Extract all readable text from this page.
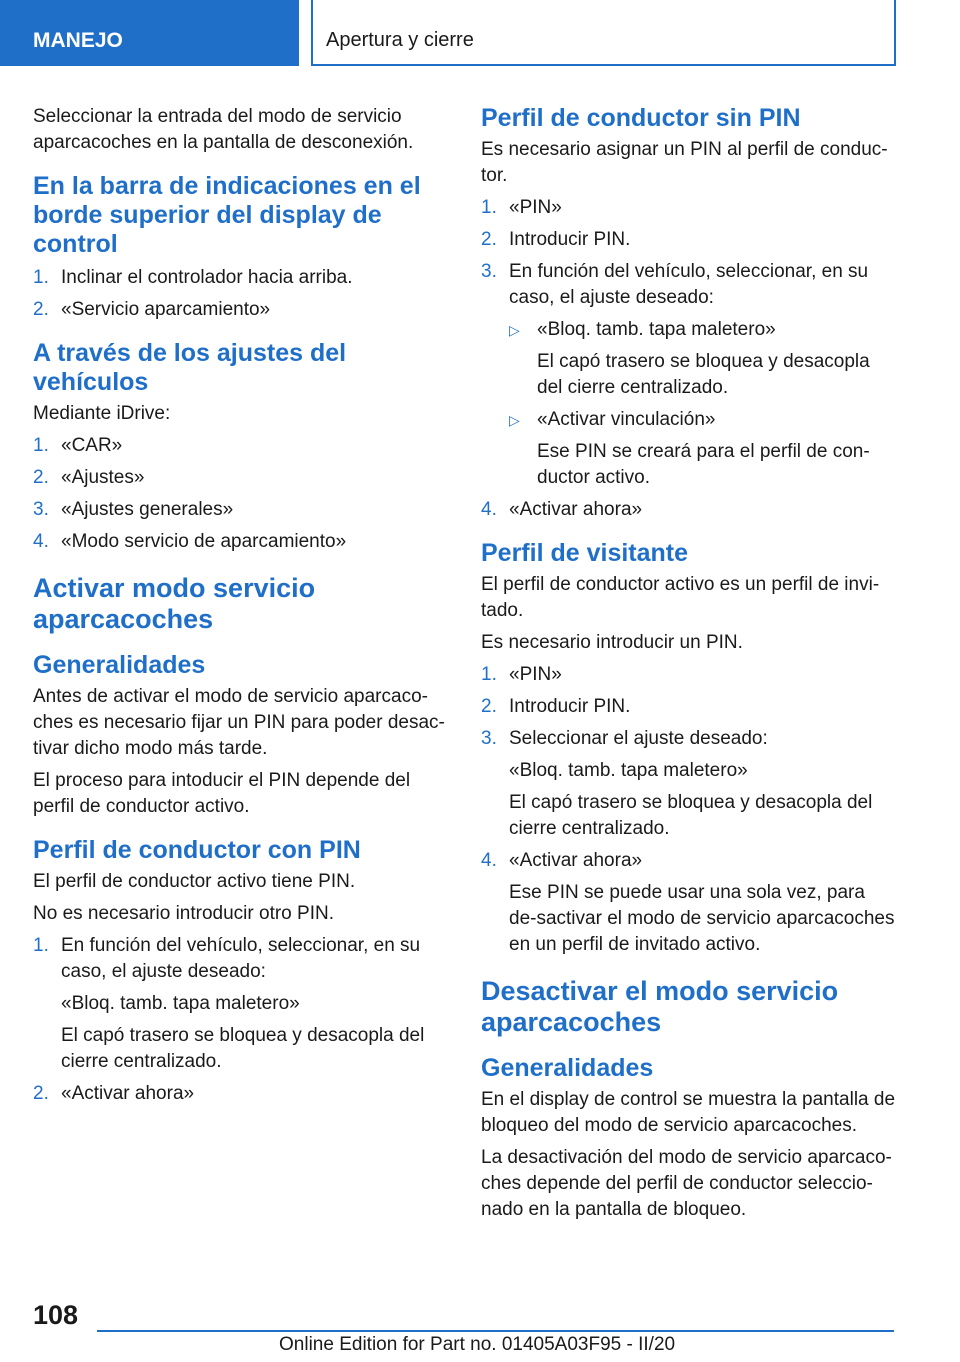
MANEJO	Apertura y cierre

Seleccionar la entrada del modo de servicio aparcacoches en la pantalla de desconexión.

En la barra de indicaciones en el borde superior del display de control
1. Inclinar el controlador hacia arriba.
2. «Servicio aparcamiento»
A través de los ajustes del vehículos

Mediante iDrive:

1. «CAR»
2. «Ajustes»
3. «Ajustes generales»
4. «Modo servicio de aparcamiento»
Activar modo servicio aparcacoches
Generalidades

Antes de activar el modo de servicio aparcaco-ches es necesario fijar un PIN para poder desac-tivar dicho modo más tarde.

El proceso para intoducir el PIN depende del perfil de conductor activo.

Perfil de conductor con PIN

El perfil de conductor activo tiene PIN.

No es necesario introducir otro PIN.

1. En función del vehículo, seleccionar, en su caso, el ajuste deseado:
«Bloq. tamb. tapa maletero»
El capó trasero se bloquea y desacopla del cierre centralizado.
2. «Activar ahora»
Perfil de conductor sin PIN

Es necesario asignar un PIN al perfil de conduc-tor.

1. «PIN»
2. Introducir PIN.
3. En función del vehículo, seleccionar, en su caso, el ajuste deseado:
▷ «Bloq. tamb. tapa maletero»
El capó trasero se bloquea y desacopla del cierre centralizado.
▷ «Activar vinculación»
Ese PIN se creará para el perfil de con-ductor activo.
4. «Activar ahora»
Perfil de visitante

El perfil de conductor activo es un perfil de invi-tado.

Es necesario introducir un PIN.

1. «PIN»
2. Introducir PIN.
3. Seleccionar el ajuste deseado:
«Bloq. tamb. tapa maletero»
El capó trasero se bloquea y desacopla del cierre centralizado.
4. «Activar ahora»
Ese PIN se puede usar una sola vez, para de-sactivar el modo de servicio aparcacoches en un perfil de invitado activo.
Desactivar el modo servicio aparcacoches
Generalidades

En el display de control se muestra la pantalla de bloqueo del modo de servicio aparcacoches.

La desactivación del modo de servicio aparcaco-ches depende del perfil de conductor seleccio-nado en la pantalla de bloqueo.

108
Online Edition for Part no. 01405A03F95 - II/20
